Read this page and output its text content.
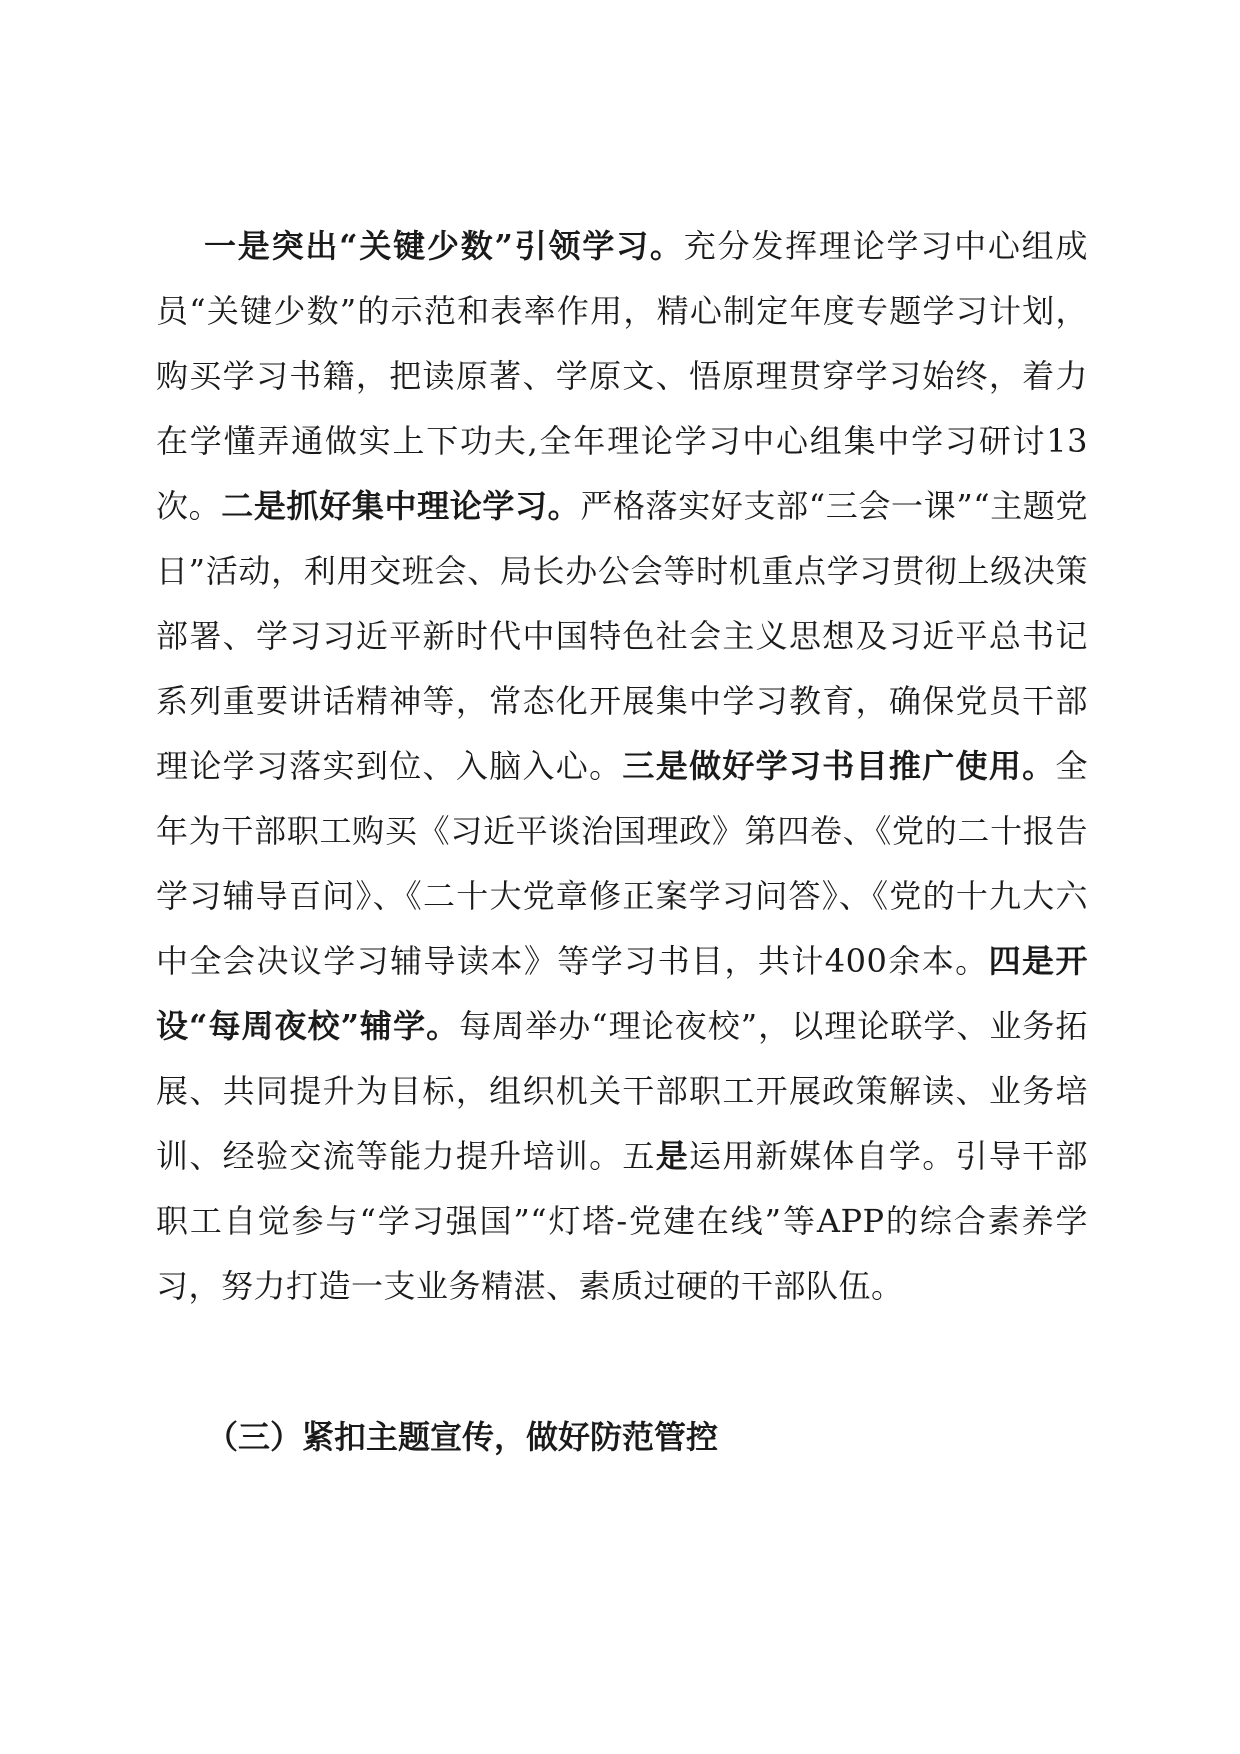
一是突出“关键少数”引领学习。充分发挥理论学习中心组成员“关键少数”的示范和表率作用，精心制定年度专题学习计划，购买学习书籍，把读原著、学原文、悟原理贯穿学习始终，着力在学懂弄通做实上下功夫,全年理论学习中心组集中学习研讨13次。二是抓好集中理论学习。严格落实好支部“三会一课”“主题党日”活动，利用交班会、局长办公会等时机重点学习贯彻上级决策部署、学习习近平新时代中国特色社会主义思想及习近平总书记系列重要讲话精神等，常态化开展集中学习教育，确保党员干部理论学习落实到位、入脑入心。三是做好学习书目推广使用。全年为干部职工购买《习近平谈治国理政》第四卷、《党的二十报告学习辅导百问》、《二十大党章修正案学习问答》、《党的十九大六中全会决议学习辅导读本》等学习书目，共计400余本。四是开设“每周夜校”辅学。每周举办“理论夜校”，以理论联学、业务拓展、共同提升为目标，组织机关干部职工开展政策解读、业务培训、经验交流等能力提升培训。五是运用新媒体自学。引导干部职工自觉参与“学习强国”“灯塔-党建在线”等APP的综合素养学习，努力打造一支业务精湛、素质过硬的干部队伍。

（三）紧扣主题宣传，做好防范管控
